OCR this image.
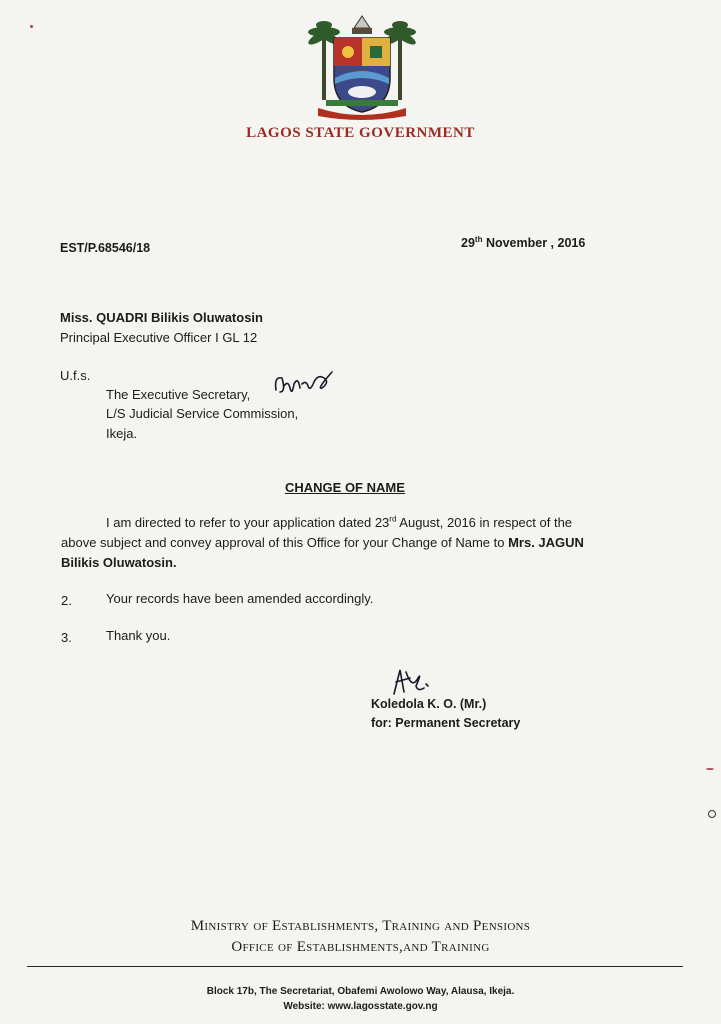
LAGOS STATE GOVERNMENT
EST/P.68546/18	29th November , 2016
Miss. QUADRI Bilikis Oluwatosin
Principal Executive Officer I GL 12
U.f.s.
The Executive Secretary,
L/S Judicial Service Commission,
Ikeja.
CHANGE OF NAME
I am directed to refer to your application dated 23rd August, 2016 in respect of the
above subject and convey approval of this Office for your Change of Name to Mrs. JAGUN
Bilikis Oluwatosin.
2.	Your records have been amended accordingly.
3.	Thank you.
Koledola K. O. (Mr.)
for: Permanent Secretary
Ministry of Establishments, Training and Pensions
Office of Establishments,and Training
Block 17b, The Secretariat, Obafemi Awolowo Way, Alausa, Ikeja.
Website: www.lagosstate.gov.ng
